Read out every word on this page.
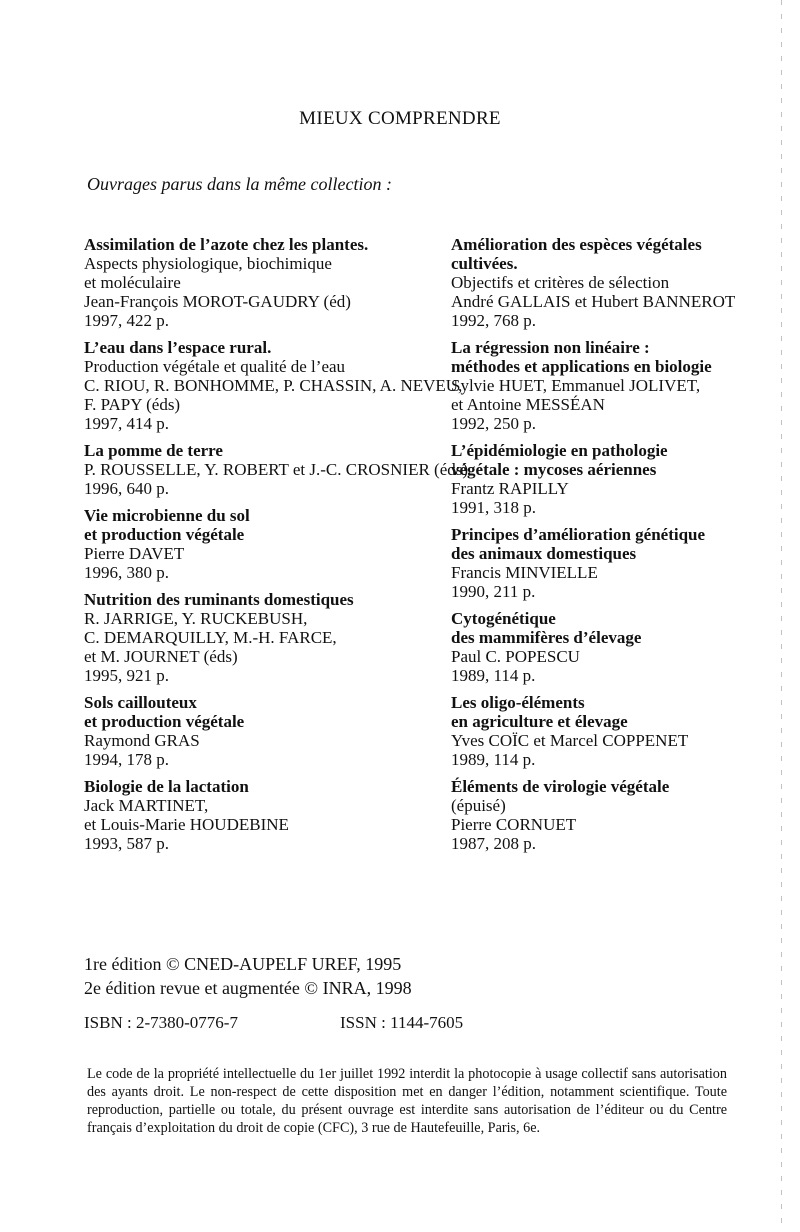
MIEUX COMPRENDRE
Ouvrages parus dans la même collection :
Assimilation de l’azote chez les plantes.
Aspects physiologique, biochimique
et moléculaire
Jean-François MOROT-GAUDRY (éd)
1997, 422 p.
L’eau dans l’espace rural.
Production végétale et qualité de l’eau
C. RIOU, R. BONHOMME, P. CHASSIN, A. NEVEU,
F. PAPY (éds)
1997, 414 p.
La pomme de terre
P. ROUSSELLE, Y. ROBERT et J.-C. CROSNIER (éds)
1996, 640 p.
Vie microbienne du sol
et production végétale
Pierre DAVET
1996, 380 p.
Nutrition des ruminants domestiques
R. JARRIGE, Y. RUCKEBUSH,
C. DEMARQUILLY, M.-H. FARCE,
et M. JOURNET (éds)
1995, 921 p.
Sols caillouteux
et production végétale
Raymond GRAS
1994, 178 p.
Biologie de la lactation
Jack MARTINET,
et Louis-Marie HOUDEBINE
1993, 587 p.
Amélioration des espèces végétales
cultivées.
Objectifs et critères de sélection
André GALLAIS et Hubert BANNEROT
1992, 768 p.
La régression non linéaire :
méthodes et applications en biologie
Sylvie HUET, Emmanuel JOLIVET,
et Antoine MESSÉAN
1992, 250 p.
L’épidémiologie en pathologie
végétale : mycoses aériennes
Frantz RAPILLY
1991, 318 p.
Principes d’amélioration génétique
des animaux domestiques
Francis MINVIELLE
1990, 211 p.
Cytogénétique
des mammifères d’élevage
Paul C. POPESCU
1989, 114 p.
Les oligo-éléments
en agriculture et élevage
Yves COÏC et Marcel COPPENET
1989, 114 p.
Éléments de virologie végétale
(épuisé)
Pierre CORNUET
1987, 208 p.
1re édition © CNED-AUPELF UREF, 1995
2e édition revue et augmentée © INRA, 1998
ISBN : 2-7380-0776-7	ISSN : 1144-7605
Le code de la propriété intellectuelle du 1er juillet 1992 interdit la photocopie à usage collectif sans autorisation des ayants droit. Le non-respect de cette disposition met en danger l’édition, notamment scientifique. Toute reproduction, partielle ou totale, du présent ouvrage est interdite sans autorisation de l’éditeur ou du Centre français d’exploitation du droit de copie (CFC), 3 rue de Hautefeuille, Paris, 6e.
